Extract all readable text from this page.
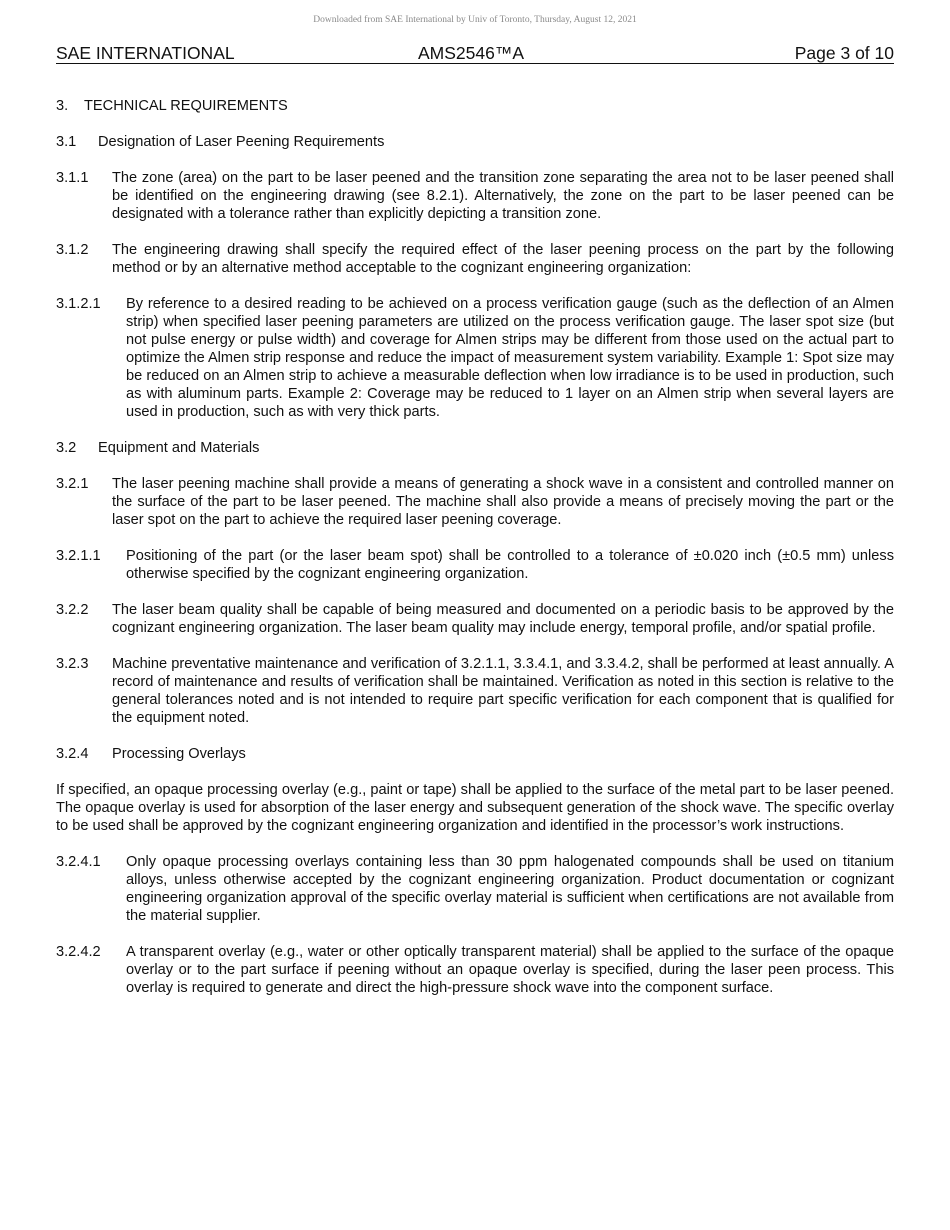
Downloaded from SAE International by Univ of Toronto, Thursday, August 12, 2021
SAE INTERNATIONAL	AMS2546™A	Page 3 of 10
3. TECHNICAL REQUIREMENTS
3.1 Designation of Laser Peening Requirements
3.1.1	The zone (area) on the part to be laser peened and the transition zone separating the area not to be laser peened shall be identified on the engineering drawing (see 8.2.1). Alternatively, the zone on the part to be laser peened can be designated with a tolerance rather than explicitly depicting a transition zone.
3.1.2	The engineering drawing shall specify the required effect of the laser peening process on the part by the following method or by an alternative method acceptable to the cognizant engineering organization:
3.1.2.1	By reference to a desired reading to be achieved on a process verification gauge (such as the deflection of an Almen strip) when specified laser peening parameters are utilized on the process verification gauge. The laser spot size (but not pulse energy or pulse width) and coverage for Almen strips may be different from those used on the actual part to optimize the Almen strip response and reduce the impact of measurement system variability. Example 1: Spot size may be reduced on an Almen strip to achieve a measurable deflection when low irradiance is to be used in production, such as with aluminum parts. Example 2: Coverage may be reduced to 1 layer on an Almen strip when several layers are used in production, such as with very thick parts.
3.2 Equipment and Materials
3.2.1	The laser peening machine shall provide a means of generating a shock wave in a consistent and controlled manner on the surface of the part to be laser peened. The machine shall also provide a means of precisely moving the part or the laser spot on the part to achieve the required laser peening coverage.
3.2.1.1	Positioning of the part (or the laser beam spot) shall be controlled to a tolerance of ±0.020 inch (±0.5 mm) unless otherwise specified by the cognizant engineering organization.
3.2.2	The laser beam quality shall be capable of being measured and documented on a periodic basis to be approved by the cognizant engineering organization. The laser beam quality may include energy, temporal profile, and/or spatial profile.
3.2.3	Machine preventative maintenance and verification of 3.2.1.1, 3.3.4.1, and 3.3.4.2, shall be performed at least annually. A record of maintenance and results of verification shall be maintained. Verification as noted in this section is relative to the general tolerances noted and is not intended to require part specific verification for each component that is qualified for the equipment noted.
3.2.4 Processing Overlays
If specified, an opaque processing overlay (e.g., paint or tape) shall be applied to the surface of the metal part to be laser peened. The opaque overlay is used for absorption of the laser energy and subsequent generation of the shock wave. The specific overlay to be used shall be approved by the cognizant engineering organization and identified in the processor’s work instructions.
3.2.4.1	Only opaque processing overlays containing less than 30 ppm halogenated compounds shall be used on titanium alloys, unless otherwise accepted by the cognizant engineering organization. Product documentation or cognizant engineering organization approval of the specific overlay material is sufficient when certifications are not available from the material supplier.
3.2.4.2	A transparent overlay (e.g., water or other optically transparent material) shall be applied to the surface of the opaque overlay or to the part surface if peening without an opaque overlay is specified, during the laser peen process. This overlay is required to generate and direct the high-pressure shock wave into the component surface.
